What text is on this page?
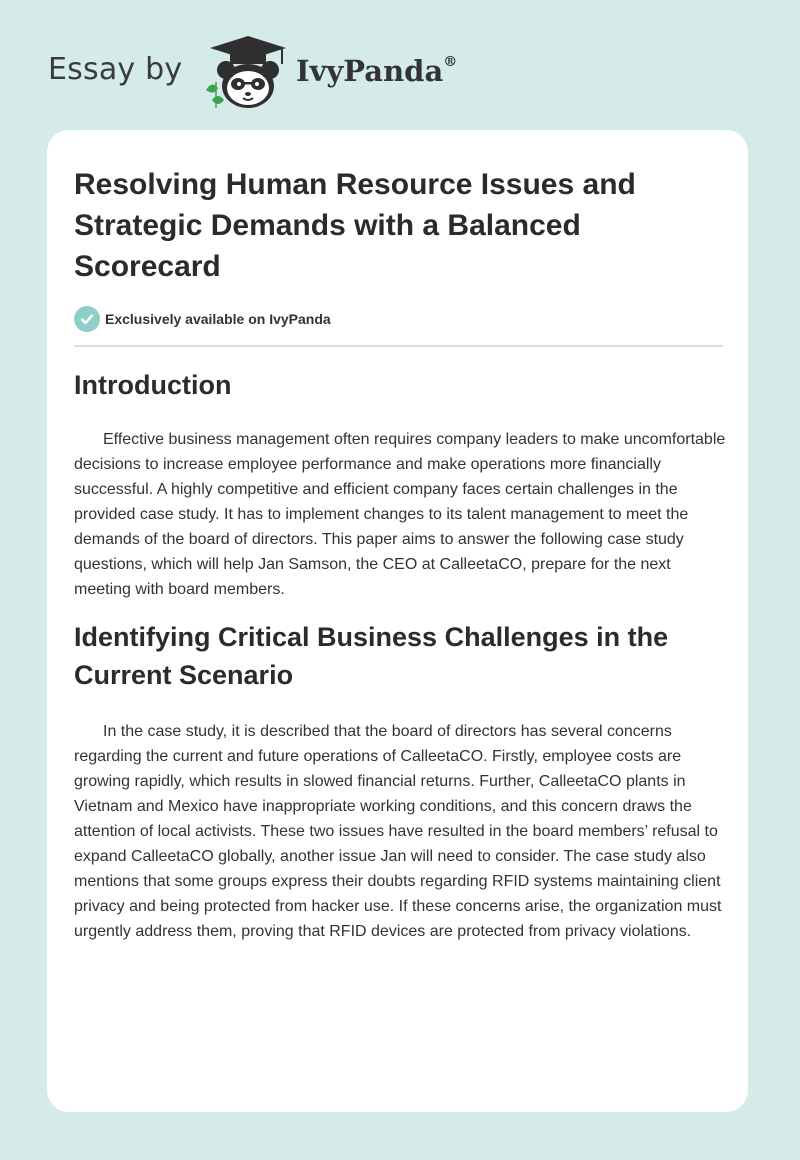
Essay by	IvyPanda®
Resolving Human Resource Issues and Strategic Demands with a Balanced Scorecard
Exclusively available on IvyPanda
Introduction

Effective business management often requires company leaders to make uncomfortable decisions to increase employee performance and make operations more financially successful. A highly competitive and efficient company faces certain challenges in the provided case study. It has to implement changes to its talent management to meet the demands of the board of directors. This paper aims to answer the following case study questions, which will help Jan Samson, the CEO at CalleetaCO, prepare for the next meeting with board members.

Identifying Critical Business Challenges in the Current Scenario

In the case study, it is described that the board of directors has several concerns regarding the current and future operations of CalleetaCO. Firstly, employee costs are growing rapidly, which results in slowed financial returns. Further, CalleetaCO plants in Vietnam and Mexico have inappropriate working conditions, and this concern draws the attention of local activists. These two issues have resulted in the board members’ refusal to expand CalleetaCO globally, another issue Jan will need to consider. The case study also mentions that some groups express their doubts regarding RFID systems maintaining client privacy and being protected from hacker use. If these concerns arise, the organization must urgently address them, proving that RFID devices are protected from privacy violations.
